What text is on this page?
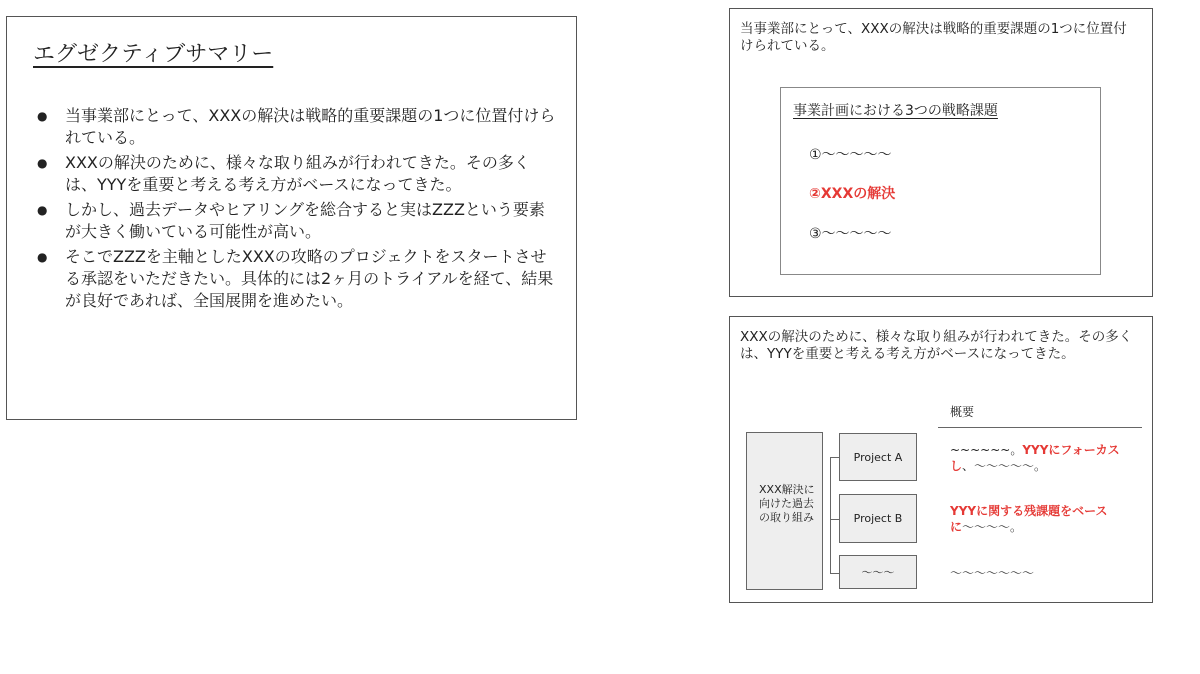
エグゼクティブサマリー
● 当事業部にとって、XXXの解決は戦略的重要課題の1つに位置付けられている。
● XXXの解決のために、様々な取り組みが行われてきた。その多くは、YYYを重要と考える考え方がベースになってきた。
● しかし、過去データやヒアリングを総合すると実はZZZという要素が大きく働いている可能性が高い。
● そこでZZZを主軸としたXXXの攻略のプロジェクトをスタートさせる承認をいただきたい。具体的には2ヶ月のトライアルを経て、結果が良好であれば、全国展開を進めたい。
当事業部にとって、XXXの解決は戦略的重要課題の1つに位置付けられている。
事業計画における3つの戦略課題
①〜〜〜〜〜
②XXXの解決
③〜〜〜〜〜
XXXの解決のために、様々な取り組みが行われてきた。その多くは、YYYを重要と考える考え方がベースになってきた。
概要
XXX解決に向けた過去の取り組み
Project A
Project B
〜〜〜
~~~~~~。YYYにフォーカスし、〜〜〜〜〜。
YYYに関する残課題をベースに〜〜〜〜。
〜〜〜〜〜〜〜
